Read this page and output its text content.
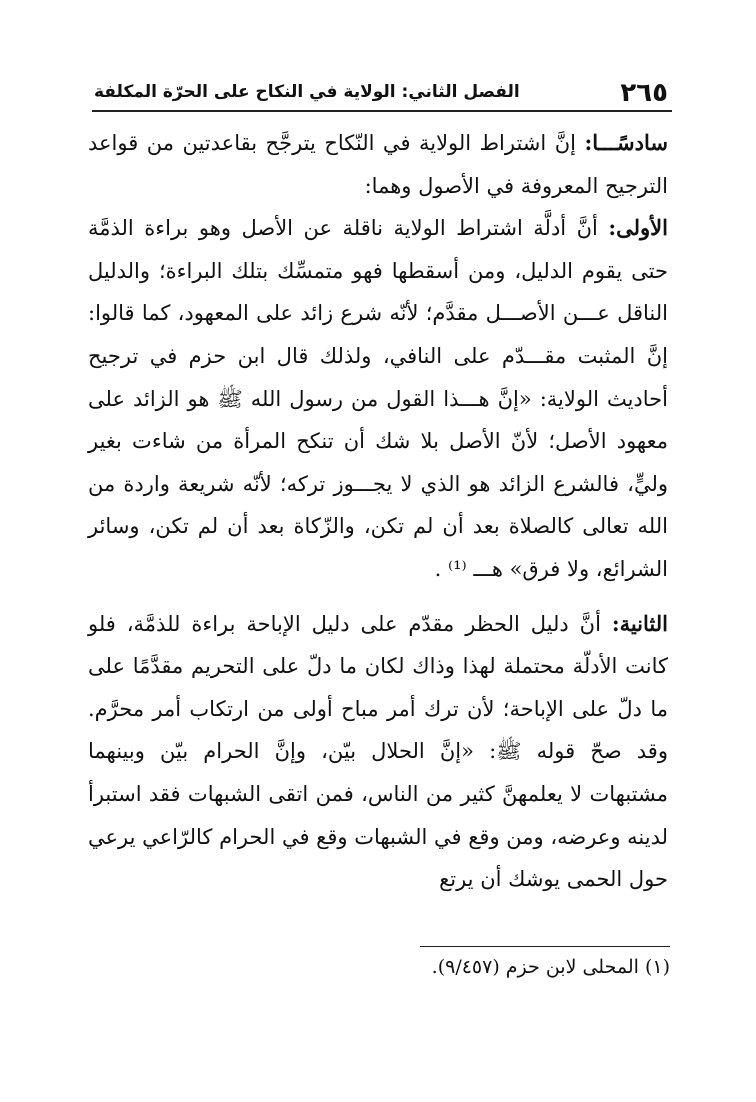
٢٦٥
الفصل الثاني: الولاية في النكاح على الحرّة المكلفة

سادسًـــا: إنَّ اشتراط الولاية في النّكاح يترجَّح بقاعدتين من قواعد الترجيح المعروفة في الأصول وهما:

الأولى: أنَّ أدلَّة اشتراط الولاية ناقلة عن الأصل وهو براءة الذمَّة حتى يقوم الدليل، ومن أسقطها فهو متمسِّك بتلك البراءة؛ والدليل الناقل عـــن الأصـــل مقدَّم؛ لأنّه شرع زائد على المعهود، كما قالوا: إنَّ المثبت مقـــدّم على النافي، ولذلك قال ابن حزم في ترجيح أحاديث الولاية: «إنَّ هـــذا القول من رسول الله ﷺ هو الزائد على معهود الأصل؛ لأنّ الأصل بلا شك أن تنكح المرأة من شاءت بغير وليٍّ، فالشرع الزائد هو الذي لا يجـــوز تركه؛ لأنّه شريعة واردة من الله تعالى كالصلاة بعد أن لم تكن، والزّكاة بعد أن لم تكن، وسائر الشرائع، ولا فرق» هـــ ⁽¹⁾ .

الثانية: أنَّ دليل الحظر مقدّم على دليل الإباحة براءة للذمَّة، فلو كانت الأدلّة محتملة لهذا وذاك لكان ما دلّ على التحريم مقدَّمًا على ما دلّ على الإباحة؛ لأن ترك أمر مباح أولى من ارتكاب أمر محرَّم. وقد صحّ قوله ﷺ: «إنَّ الحلال بيّن، وإنَّ الحرام بيّن وبينهما مشتبهات لا يعلمهنَّ كثير من الناس، فمن اتقى الشبهات فقد استبرأ لدينه وعرضه، ومن وقع في الشبهات وقع في الحرام كالرّاعي يرعي حول الحمى يوشك أن يرتع

(١) المحلى لابن حزم (٩/٤٥٧).
